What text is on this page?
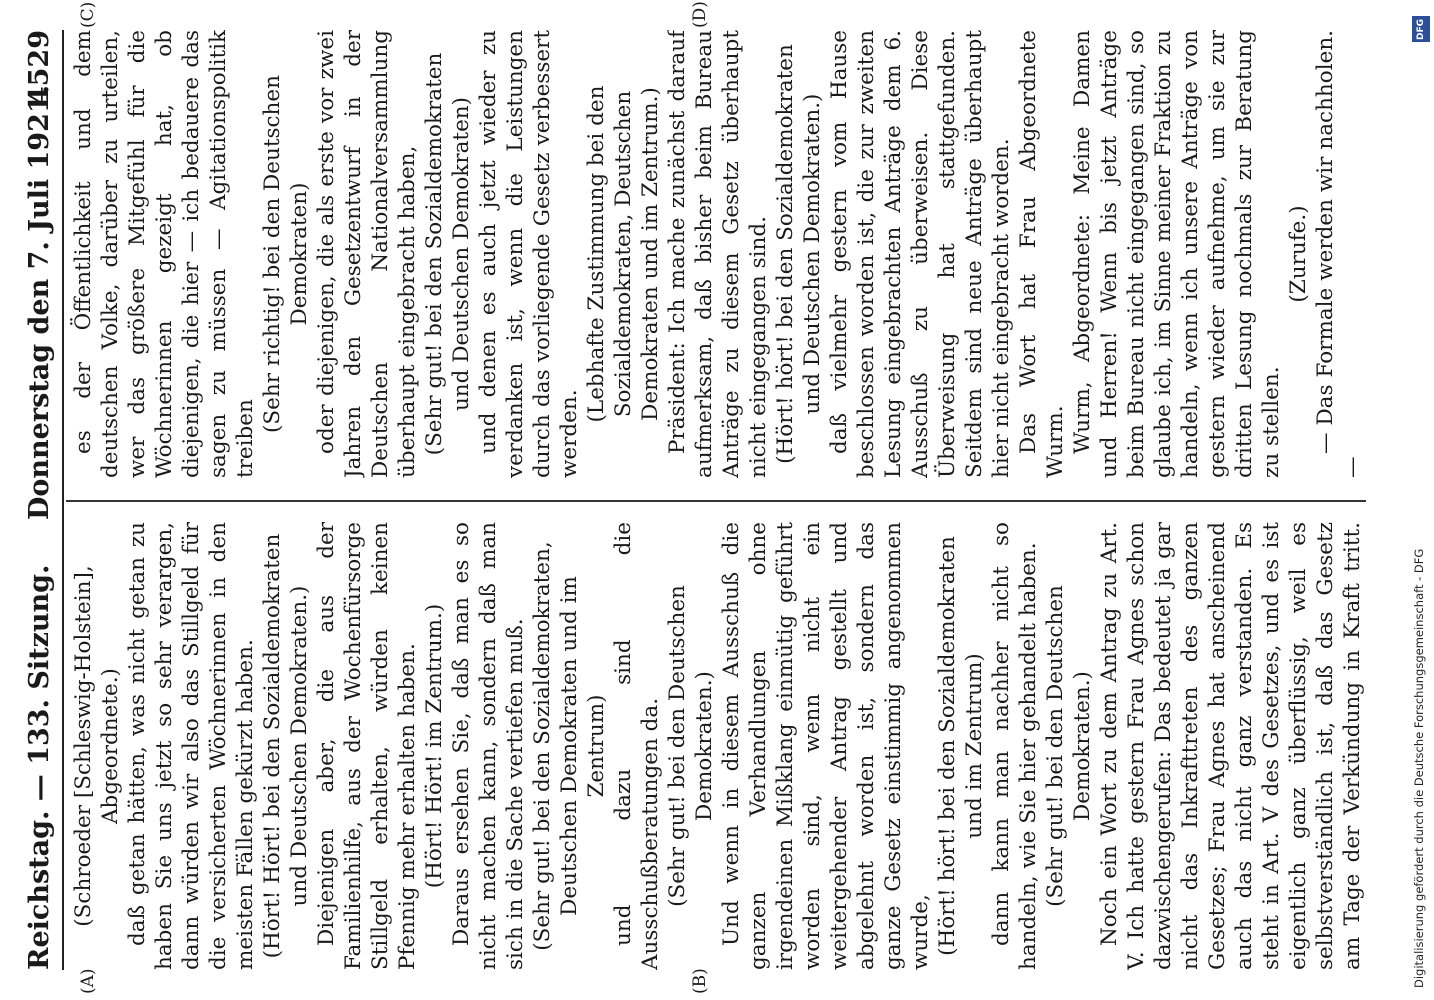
Reichstag. — 133. Sitzung.
Donnerstag den 7. Juli 1921.
4529
(A)	(B)
(C)	(D)

(Schroeder [Schleswig-Holstein], Abgeordnete.) daß getan hätten, was nicht getan zu haben Sie uns jetzt so sehr verargen, dann würden wir also das Stillgeld für die versicherten Wöchnerinnen in den meisten Fällen gekürzt haben. (Hört! Hört! bei den Sozialdemokraten und Deutschen Demokraten.) Diejenigen aber, die aus der Familienhilfe, aus der Wochenfürsorge Stillgeld erhalten, würden keinen Pfennig mehr erhalten haben. (Hört! Hört! im Zentrum.) Daraus ersehen Sie, daß man es so nicht machen kann, sondern daß man sich in die Sache vertiefen muß. (Sehr gut! bei den Sozialdemokraten, Deutschen Demokraten und im Zentrum) und dazu sind die Ausschußberatungen da. (Sehr gut! bei den Deutschen Demokraten.) Und wenn in diesem Ausschuß die ganzen Verhandlungen ohne irgendeinen Mißklang einmütig geführt worden sind, wenn nicht ein weitergehender Antrag gestellt und abgelehnt worden ist, sondern das ganze Gesetz einstimmig angenommen wurde, (Hört! hört! bei den Sozialdemokraten und im Zentrum) dann kann man nachher nicht so handeln, wie Sie hier gehandelt haben. (Sehr gut! bei den Deutschen Demokraten.)

Noch ein Wort zu dem Antrag zu Art. V. Ich hatte gestern Frau Agnes schon dazwischengerufen: Das bedeutet ja gar nicht das Inkrafttreten des ganzen Gesetzes; Frau Agnes hat anscheinend auch das nicht ganz verstanden. Es steht in Art. V des Gesetzes, und es ist eigentlich ganz überflüssig, weil es selbstverständlich ist, daß das Gesetz am Tage der Verkündung in Kraft tritt.

es der Öffentlichkeit und dem deutschen Volke, darüber zu urteilen, wer das größere Mitgefühl für die Wöchnerinnen gezeigt hat, ob diejenigen, die hier — ich bedauere das sagen zu müssen — Agitationspolitik treiben

(Sehr richtig! bei den Deutschen Demokraten) oder diejenigen, die als erste vor zwei Jahren den Gesetzentwurf in der Deutschen Nationalversammlung überhaupt eingebracht haben, (Sehr gut! bei den Sozialdemokraten und Deutschen Demokraten) und denen es auch jetzt wieder zu verdanken ist, wenn die Leistungen durch das vorliegende Gesetz verbessert werden.

(Lebhafte Zustimmung bei den Sozialdemokraten, Deutschen Demokraten und im Zentrum.) Präsident: Ich mache zunächst darauf aufmerksam, daß bisher beim Bureau Anträge zu diesem Gesetz überhaupt nicht eingegangen sind. (Hört! hört! bei den Sozialdemokraten und Deutschen Demokraten.) daß vielmehr gestern vom Hause beschlossen worden ist, die zur zweiten Lesung eingebrachten Anträge dem 6. Ausschuß zu überweisen. Diese Überweisung hat stattgefunden. Seitdem sind neue Anträge überhaupt hier nicht eingebracht worden. Das Wort hat Frau Abgeordnete Wurm. Wurm, Abgeordnete: Meine Damen und Herren! Wenn bis jetzt Anträge beim Bureau nicht eingegangen sind, so glaube ich, im Sinne meiner Fraktion zu handeln, wenn ich unsere Anträge von gestern wieder aufnehme, um sie zur dritten Lesung nochmals zur Beratung zu stellen.

(Zurufe.) — Das Formale werden wir nachholen. —

DFG
Digitalisierung gefördert durch die Deutsche Forschungsgemeinschaft - DFG
